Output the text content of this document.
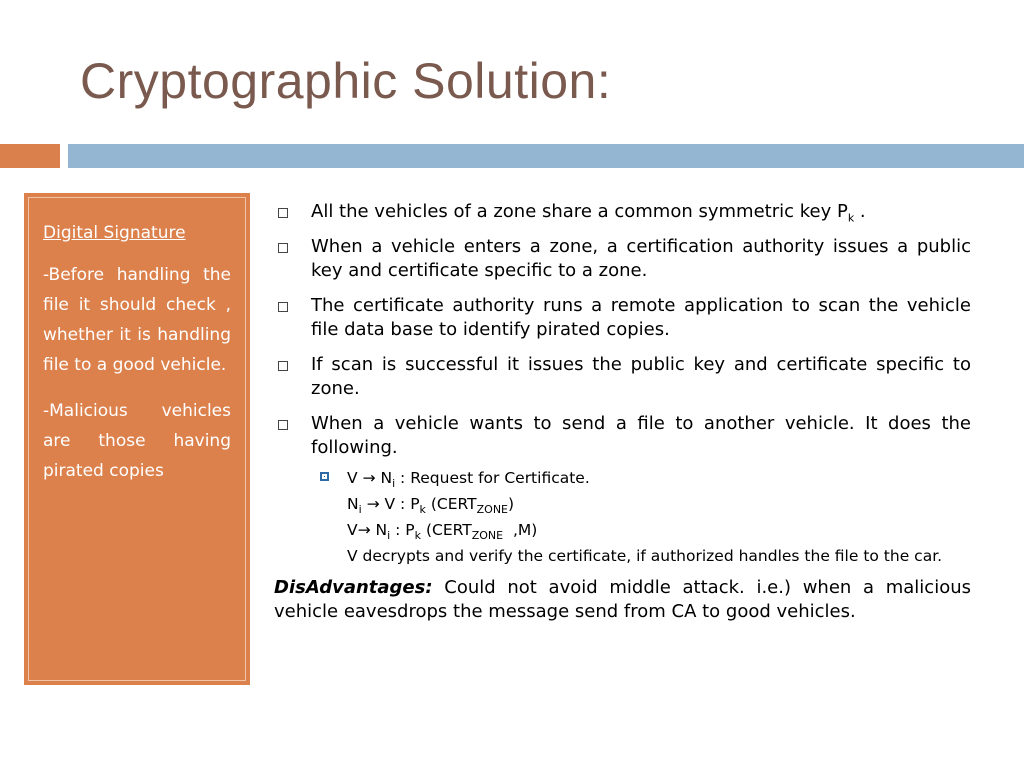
Cryptographic Solution:

Digital Signature

-Before handling the file it should check , whether it is handling file to a good vehicle.

-Malicious vehicles are those having pirated copies

All the vehicles of a zone share a common symmetric key $P_k$ .
When a vehicle enters a zone, a certification authority issues a public key and certificate specific to a zone.
The certificate authority runs a remote application to scan the vehicle file data base to identify pirated copies.
If scan is successful it issues the public key and certificate specific to zone.
When a vehicle wants to send a file to another vehicle. It does the following.
$V \to N_i$ : Request for Certificate.
$N_i \to V$ : $P_k$ $(CERT_{ZONE})$
$V\to N_i$ : $P_k$ ($CERT_{ZONE}$  ,M)
V decrypts and verify the certificate, if authorized handles the file to the car.
DisAdvantages: Could not avoid middle attack. i.e.) when a malicious vehicle eavesdrops the message send from CA to good vehicles.
